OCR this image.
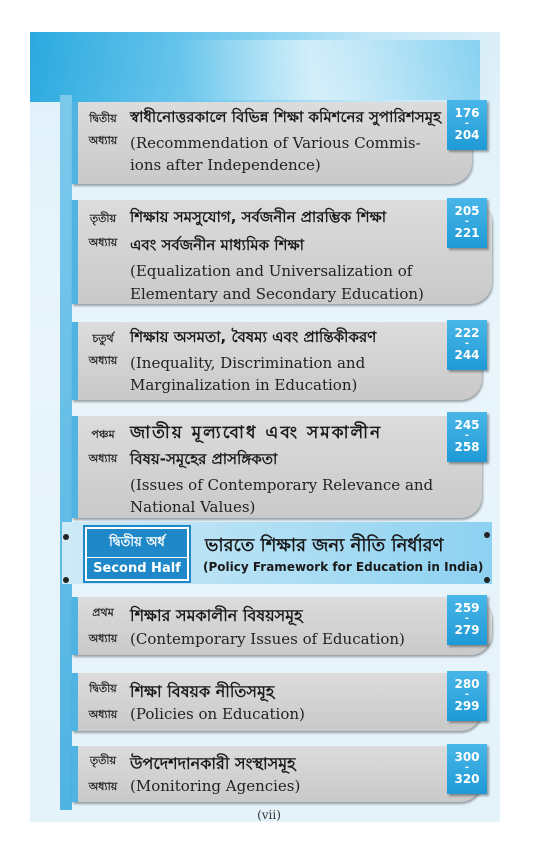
দ্বিতীয়
অধ্যায়
স্বাধীনোত্তরকালে বিভিন্ন শিক্ষা কমিশনের সুপারিশসমূহ
(Recommendation of Various Commis-
ions after Independence)
176
-
204
তৃতীয়
অধ্যায়
শিক্ষায় সমসুযোগ, সর্বজনীন প্রারম্ভিক শিক্ষা
এবং সর্বজনীন মাধ্যমিক শিক্ষা
(Equalization and Universalization of
Elementary and Secondary Education)
205
-
221
চতুর্থ
অধ্যায়
শিক্ষায় অসমতা, বৈষম্য এবং প্রান্তিকীকরণ
(Inequality, Discrimination and
Marginalization in Education)
222
-
244
পঞ্চম
অধ্যায়
জাতীয় মূল্যবোধ এবং সমকালীন
বিষয়-সমূহের প্রাসঙ্গিকতা
(Issues of Contemporary Relevance and
National Values)
245
-
258
দ্বিতীয় অর্ধ
Second Half
ভারতে শিক্ষার জন্য নীতি নির্ধারণ
(Policy Framework for Education in India)
প্রথম
অধ্যায়
শিক্ষার সমকালীন বিষয়সমূহ
(Contemporary Issues of Education)
259
-
279
দ্বিতীয়
অধ্যায়
শিক্ষা বিষয়ক নীতিসমূহ
(Policies on Education)
280
-
299
তৃতীয়
অধ্যায়
উপদেশদানকারী সংস্থাসমূহ
(Monitoring Agencies)
300
-
320
(vii)
